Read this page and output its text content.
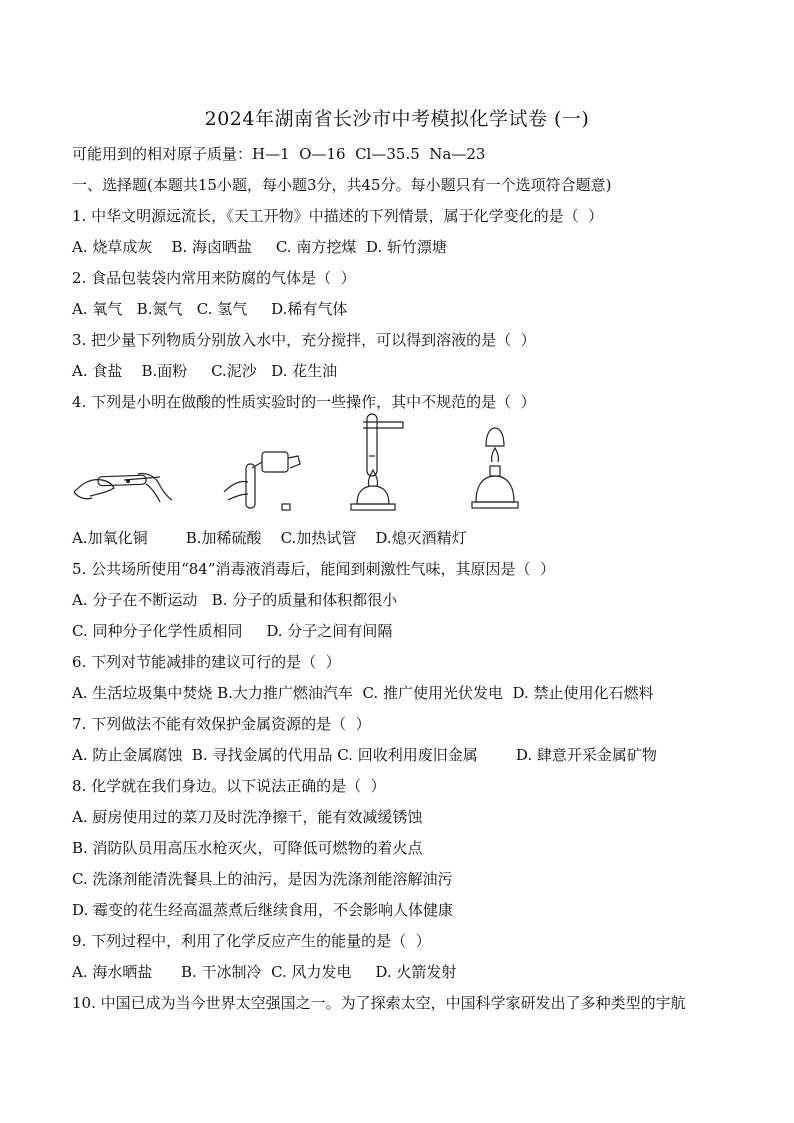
2024年湖南省长沙市中考模拟化学试卷 (一)
可能用到的相对原子质量：H—1  O—16  Cl—35.5  Na—23
一、选择题(本题共15小题，每小题3分，共45分。每小题只有一个选项符合题意)
1. 中华文明源远流长，《天工开物》中描述的下列情景，属于化学变化的是（  ）
A. 烧草成灰    B. 海卤晒盐     C. 南方挖煤  D. 斩竹漂塘
2. 食品包装袋内常用来防腐的气体是（  ）
A. 氧气   B.氮气   C. 氢气     D.稀有气体
3. 把少量下列物质分别放入水中，充分搅拌，可以得到溶液的是（  ）
A. 食盐    B.面粉     C.泥沙   D. 花生油
4. 下列是小明在做酸的性质实验时的一些操作，其中不规范的是（  ）
A.加氧化铜        B.加稀硫酸    C.加热试管    D.熄灭酒精灯
5. 公共场所使用“84”消毒液消毒后，能闻到刺激性气味，其原因是（  ）
A. 分子在不断运动   B. 分子的质量和体积都很小
C. 同种分子化学性质相同     D. 分子之间有间隔
6. 下列对节能减排的建议可行的是（  ）
A. 生活垃圾集中焚烧 B.大力推广燃油汽车  C. 推广使用光伏发电  D. 禁止使用化石燃料
7. 下列做法不能有效保护金属资源的是（  ）
A. 防止金属腐蚀  B. 寻找金属的代用品 C. 回收利用废旧金属        D. 肆意开采金属矿物
8. 化学就在我们身边。以下说法正确的是（  ）
A. 厨房使用过的菜刀及时洗净擦干，能有效减缓锈蚀
B. 消防队员用高压水枪灭火，可降低可燃物的着火点
C. 洗涤剂能清洗餐具上的油污，是因为洗涤剂能溶解油污
D. 霉变的花生经高温蒸煮后继续食用，不会影响人体健康
9. 下列过程中，利用了化学反应产生的能量的是（  ）
A. 海水晒盐      B. 干冰制冷  C. 风力发电     D. 火箭发射
10. 中国已成为当今世界太空强国之一。为了探索太空，中国科学家研发出了多种类型的宇航
